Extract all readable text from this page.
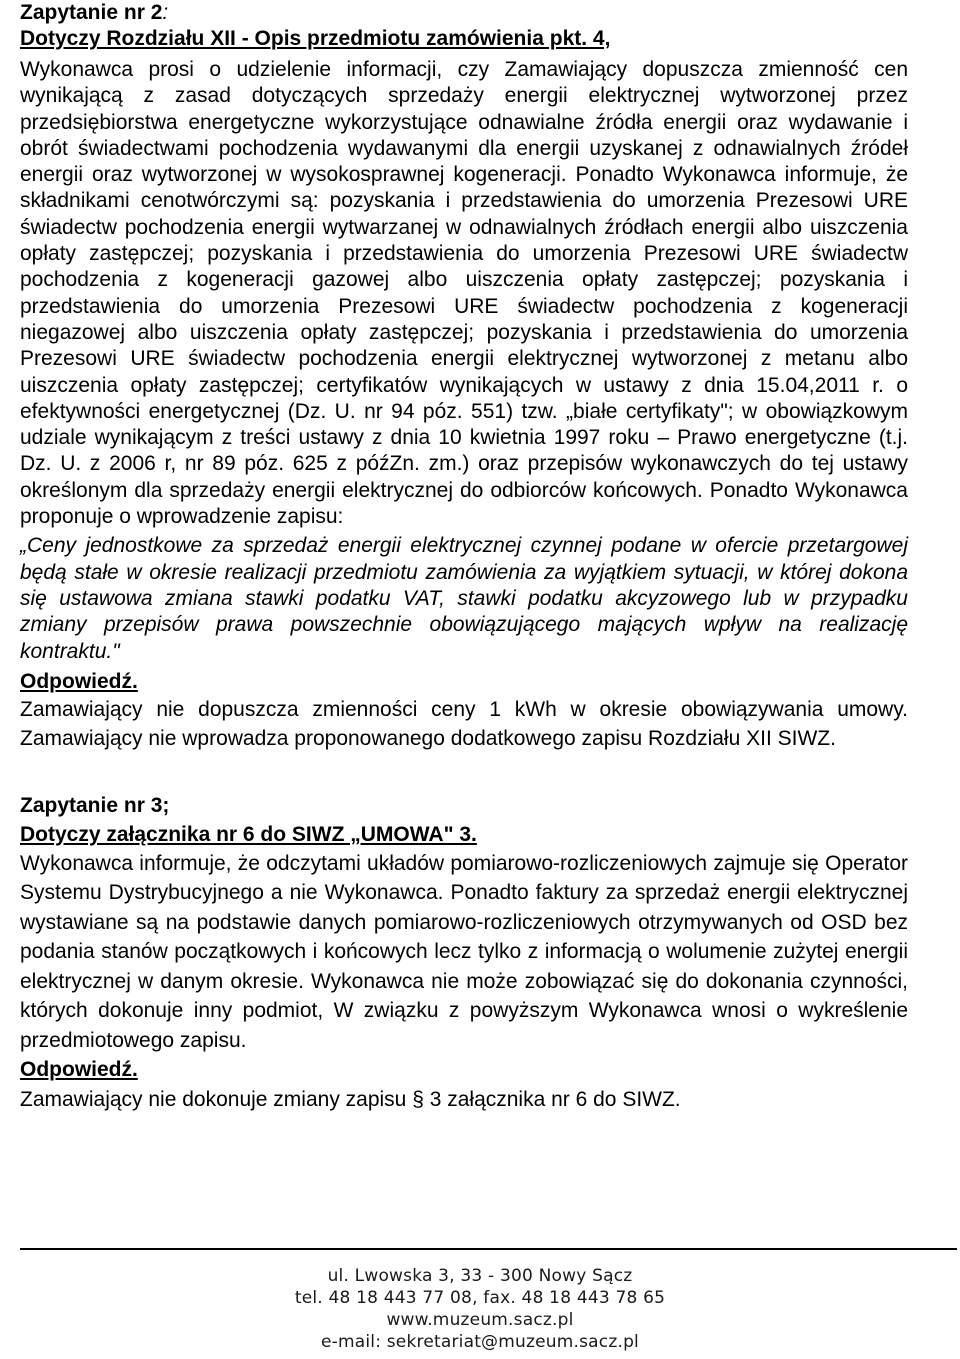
Zapytanie nr 2:
Dotyczy Rozdziału XII - Opis przedmiotu zamówienia pkt. 4,

Wykonawca prosi o udzielenie informacji, czy Zamawiający dopuszcza zmienność cen wynikającą z zasad dotyczących sprzedaży energii elektrycznej wytworzonej przez przedsiębiorstwa energetyczne wykorzystujące odnawialne źródła energii oraz wydawanie i obrót świadectwami pochodzenia wydawanymi dla energii uzyskanej z odnawialnych źródeł energii oraz wytworzonej w wysokosprawnej kogeneracji. Ponadto Wykonawca informuje, że składnikami cenotwórczymi są: pozyskania i przedstawienia do umorzenia Prezesowi URE świadectw pochodzenia energii wytwarzanej w odnawialnych źródłach energii albo uiszczenia opłaty zastępczej; pozyskania i przedstawienia do umorzenia Prezesowi URE świadectw pochodzenia z kogeneracji gazowej albo uiszczenia opłaty zastępczej; pozyskania i przedstawienia do umorzenia Prezesowi URE świadectw pochodzenia z kogeneracji niegazowej albo uiszczenia opłaty zastępczej; pozyskania i przedstawienia do umorzenia Prezesowi URE świadectw pochodzenia energii elektrycznej wytworzonej z metanu albo uiszczenia opłaty zastępczej; certyfikatów wynikających w ustawy z dnia 15.04,2011 r. o efektywności energetycznej (Dz. U. nr 94 póz. 551) tzw. „białe certyfikaty"; w obowiązkowym udziale wynikającym z treści ustawy z dnia 10 kwietnia 1997 roku – Prawo energetyczne (t.j. Dz. U. z 2006 r, nr 89 póz. 625 z późZn. zm.) oraz przepisów wykonawczych do tej ustawy określonym dla sprzedaży energii elektrycznej do odbiorców końcowych. Ponadto Wykonawca proponuje o wprowadzenie zapisu:

„Ceny jednostkowe za sprzedaż energii elektrycznej czynnej podane w ofercie przetargowej będą stałe w okresie realizacji przedmiotu zamówienia za wyjątkiem sytuacji, w której dokona się ustawowa zmiana stawki podatku VAT, stawki podatku akcyzowego lub w przypadku zmiany przepisów prawa powszechnie obowiązującego mających wpływ na realizację kontraktu."

Odpowiedź.

Zamawiający nie dopuszcza zmienności ceny 1 kWh w okresie obowiązywania umowy. Zamawiający nie wprowadza proponowanego dodatkowego zapisu Rozdziału XII SIWZ.

Zapytanie nr 3;
Dotyczy załącznika nr 6 do SIWZ „UMOWA" 3.

Wykonawca informuje, że odczytami układów pomiarowo-rozliczeniowych zajmuje się Operator Systemu Dystrybucyjnego a nie Wykonawca. Ponadto faktury za sprzedaż energii elektrycznej wystawiane są na podstawie danych pomiarowo-rozliczeniowych otrzymywanych od OSD bez podania stanów początkowych i końcowych lecz tylko z informacją o wolumenie zużytej energii elektrycznej w danym okresie. Wykonawca nie może zobowiązać się do dokonania czynności, których dokonuje inny podmiot, W związku z powyższym Wykonawca wnosi o wykreślenie przedmiotowego zapisu.

Odpowiedź.

Zamawiający nie dokonuje zmiany zapisu § 3 załącznika nr 6 do SIWZ.

ul. Lwowska 3, 33 - 300 Nowy Sącz
tel. 48 18 443 77 08, fax. 48 18 443 78 65
www.muzeum.sacz.pl
e-mail: sekretariat@muzeum.sacz.pl
